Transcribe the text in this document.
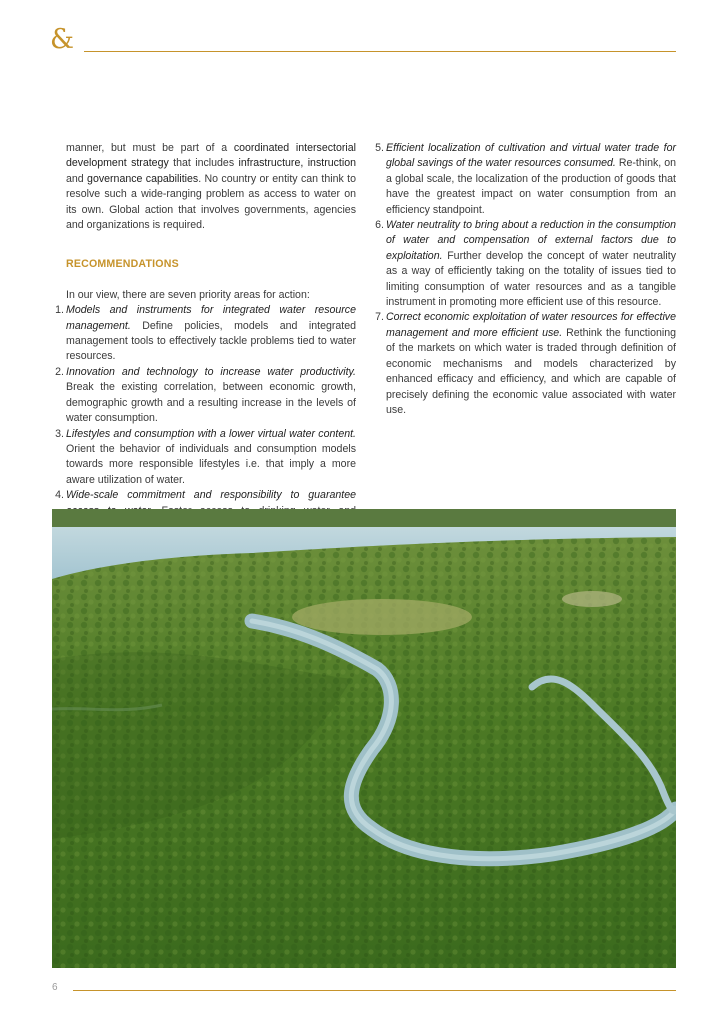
&

manner, but must be part of a coordinated intersectorial development strategy that includes infrastructure, instruction and governance capabilities. No country or entity can think to resolve such a wide-ranging problem as access to water on its own. Global action that involves governments, agencies and organizations is required.

RECOMMENDATIONS

In our view, there are seven priority areas for action:

1. Models and instruments for integrated water resource management. Define policies, models and integrated management tools to effectively tackle problems tied to water resources.
2. Innovation and technology to increase water productivity. Break the existing correlation, between economic growth, demographic growth and a resulting increase in the levels of water consumption.
3. Lifestyles and consumption with a lower virtual water content. Orient the behavior of individuals and consumption models towards more responsible lifestyles i.e. that imply a more aware utilization of water.
4. Wide-scale commitment and responsibility to guarantee
5. Efficient localization of cultivation and virtual water trade for global savings of the water resources consumed. Re-think, on a global scale, the localization of the production of goods that have the greatest impact on water consumption from an efficiency standpoint.
6. Water neutrality to bring about a reduction in the consumption of water and compensation of external factors due to exploitation. Further develop the concept of water neutrality as a way of efficiently taking on the totality of issues tied to limiting consumption of water resources and as a tangible instrument in promoting more efficient use of this resource.
7. Correct economic exploitation of water resources for effective management and more efficient use. Rethink the functioning of the markets on which water is traded through definition of economic mechanisms and models characterized by enhanced efficacy and efficiency, and which are capable of precisely defining the economic value associated with water use.
6
